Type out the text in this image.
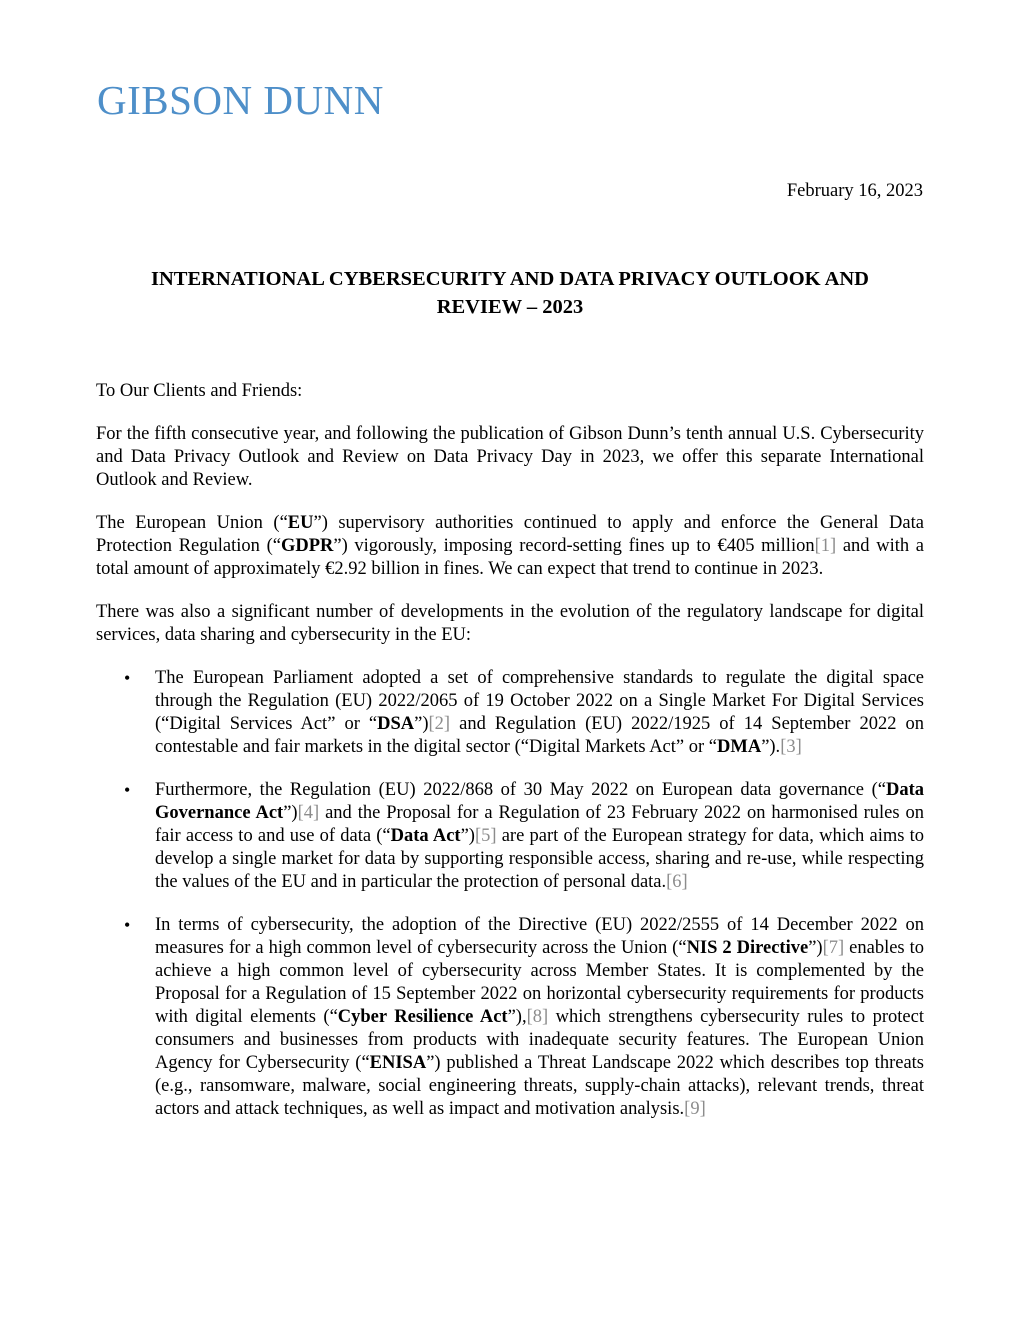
GIBSON DUNN
February 16, 2023
INTERNATIONAL CYBERSECURITY AND DATA PRIVACY OUTLOOK AND
REVIEW – 2023

To Our Clients and Friends:

For the fifth consecutive year, and following the publication of Gibson Dunn’s tenth annual U.S. Cybersecurity and Data Privacy Outlook and Review on Data Privacy Day in 2023, we offer this separate International Outlook and Review.

The European Union (“EU”) supervisory authorities continued to apply and enforce the General Data Protection Regulation (“GDPR”) vigorously, imposing record-setting fines up to €405 million[1] and with a total amount of approximately €2.92 billion in fines. We can expect that trend to continue in 2023.

There was also a significant number of developments in the evolution of the regulatory landscape for digital services, data sharing and cybersecurity in the EU:

• The European Parliament adopted a set of comprehensive standards to regulate the digital space through the Regulation (EU) 2022/2065 of 19 October 2022 on a Single Market For Digital Services (“Digital Services Act” or “DSA”)[2] and Regulation (EU) 2022/1925 of 14 September 2022 on contestable and fair markets in the digital sector (“Digital Markets Act” or “DMA”).[3]
• Furthermore, the Regulation (EU) 2022/868 of 30 May 2022 on European data governance (“Data Governance Act”)[4] and the Proposal for a Regulation of 23 February 2022 on harmonised rules on fair access to and use of data (“Data Act”)[5] are part of the European strategy for data, which aims to develop a single market for data by supporting responsible access, sharing and re-use, while respecting the values of the EU and in particular the protection of personal data.[6]
• In terms of cybersecurity, the adoption of the Directive (EU) 2022/2555 of 14 December 2022 on measures for a high common level of cybersecurity across the Union (“NIS 2 Directive”)[7] enables to achieve a high common level of cybersecurity across Member States. It is complemented by the Proposal for a Regulation of 15 September 2022 on horizontal cybersecurity requirements for products with digital elements (“Cyber Resilience Act”),[8] which strengthens cybersecurity rules to protect consumers and businesses from products with inadequate security features. The European Union Agency for Cybersecurity (“ENISA”) published a Threat Landscape 2022 which describes top threats (e.g., ransomware, malware, social engineering threats, supply-chain attacks), relevant trends, threat actors and attack techniques, as well as impact and motivation analysis.[9]
